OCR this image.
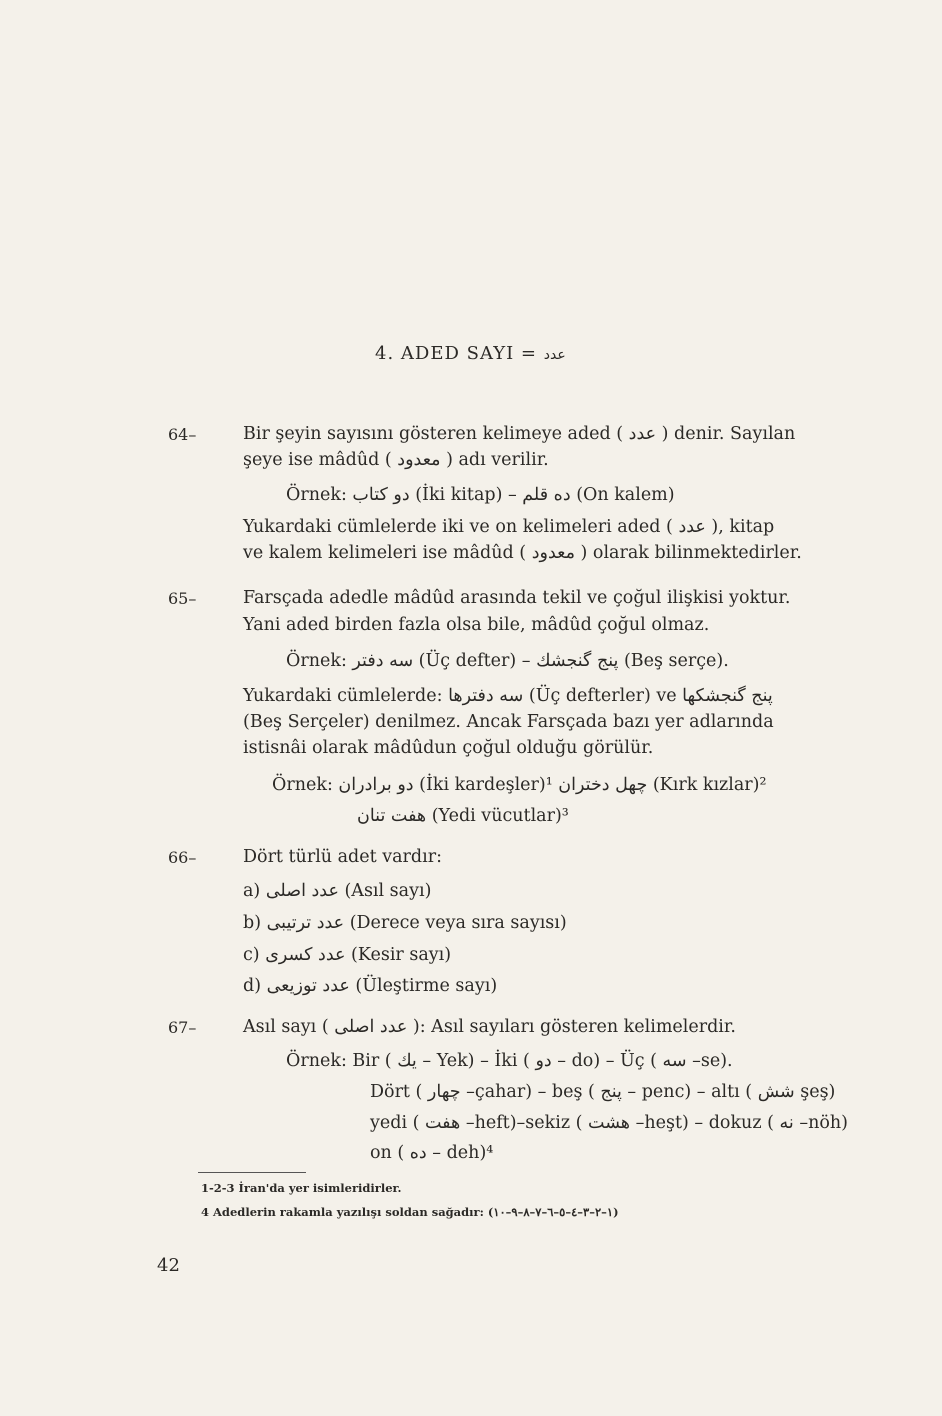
4. ADED SAYI = عدد
64–	Bir şeyin sayısını gösteren kelimeye aded ( عدد ) denir. Sayılan
şeye ise mâdûd ( معدود ) adı verilir.
Örnek: دو كتاب (İki kitap) – ده قلم (On kalem)
Yukardaki cümlelerde iki ve on kelimeleri aded ( عدد ), kitap
ve kalem kelimeleri ise mâdûd ( معدود ) olarak bilinmektedirler.
65–	Farsçada adedle mâdûd arasında tekil ve çoğul ilişkisi yoktur.
Yani aded birden fazla olsa bile, mâdûd çoğul olmaz.
Örnek: سه دفتر (Üç defter) – پنج گنجشك (Beş serçe).
Yukardaki cümlelerde: سه دفترها (Üç defterler) ve پنج گنجشكها
(Beş Serçeler) denilmez. Ancak Farsçada bazı yer adlarında
istisnâi olarak mâdûdun çoğul olduğu görülür.
Örnek: دو برادران (İki kardeşler)¹ چهل دختران (Kırk kızlar)²
هفت تنان (Yedi vücutlar)³
66–	Dört türlü adet vardır:
a) عدد اصلى (Asıl sayı)
b) عدد ترتيبى (Derece veya sıra sayısı)
c) عدد كسرى (Kesir sayı)
d) عدد توزيعى (Üleştirme sayı)
67–	Asıl sayı ( عدد اصلى ): Asıl sayıları gösteren kelimelerdir.
Örnek: Bir ( يك – Yek) – İki ( دو – do) – Üç ( سه –se).
Dört ( چهار –çahar) – beş ( پنج – penc) – altı ( شش şeş)
yedi ( هفت –heft)–sekiz ( هشت –heşt) – dokuz ( نه –nöh)
on ( ده – deh)⁴
1-2-3 İran'da yer isimleridirler.
4 Adedlerin rakamla yazılışı soldan sağadır: (١–٢–٣–٤–٥–٦–٧–٨–٩–١٠)
42
